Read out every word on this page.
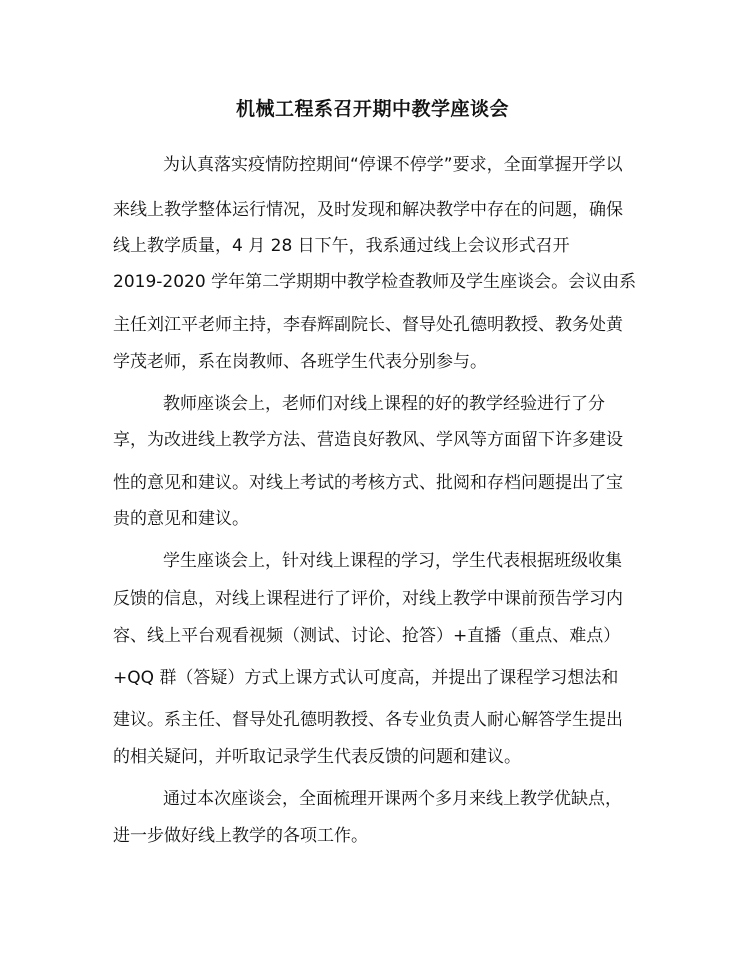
机械工程系召开期中教学座谈会
为认真落实疫情防控期间“停课不停学”要求，全面掌握开学以
来线上教学整体运行情况，及时发现和解决教学中存在的问题，确保
线上教学质量，4 月 28 日下午，我系通过线上会议形式召开
2019-2020 学年第二学期期中教学检查教师及学生座谈会。会议由系
主任刘江平老师主持，李春辉副院长、督导处孔德明教授、教务处黄
学茂老师，系在岗教师、各班学生代表分别参与。
教师座谈会上，老师们对线上课程的好的教学经验进行了分
享，为改进线上教学方法、营造良好教风、学风等方面留下许多建设
性的意见和建议。对线上考试的考核方式、批阅和存档问题提出了宝
贵的意见和建议。
学生座谈会上，针对线上课程的学习，学生代表根据班级收集
反馈的信息，对线上课程进行了评价，对线上教学中课前预告学习内
容、线上平台观看视频（测试、讨论、抢答）+直播（重点、难点）
+QQ 群（答疑）方式上课方式认可度高，并提出了课程学习想法和
建议。系主任、督导处孔德明教授、各专业负责人耐心解答学生提出
的相关疑问，并听取记录学生代表反馈的问题和建议。
通过本次座谈会，全面梳理开课两个多月来线上教学优缺点，
进一步做好线上教学的各项工作。
